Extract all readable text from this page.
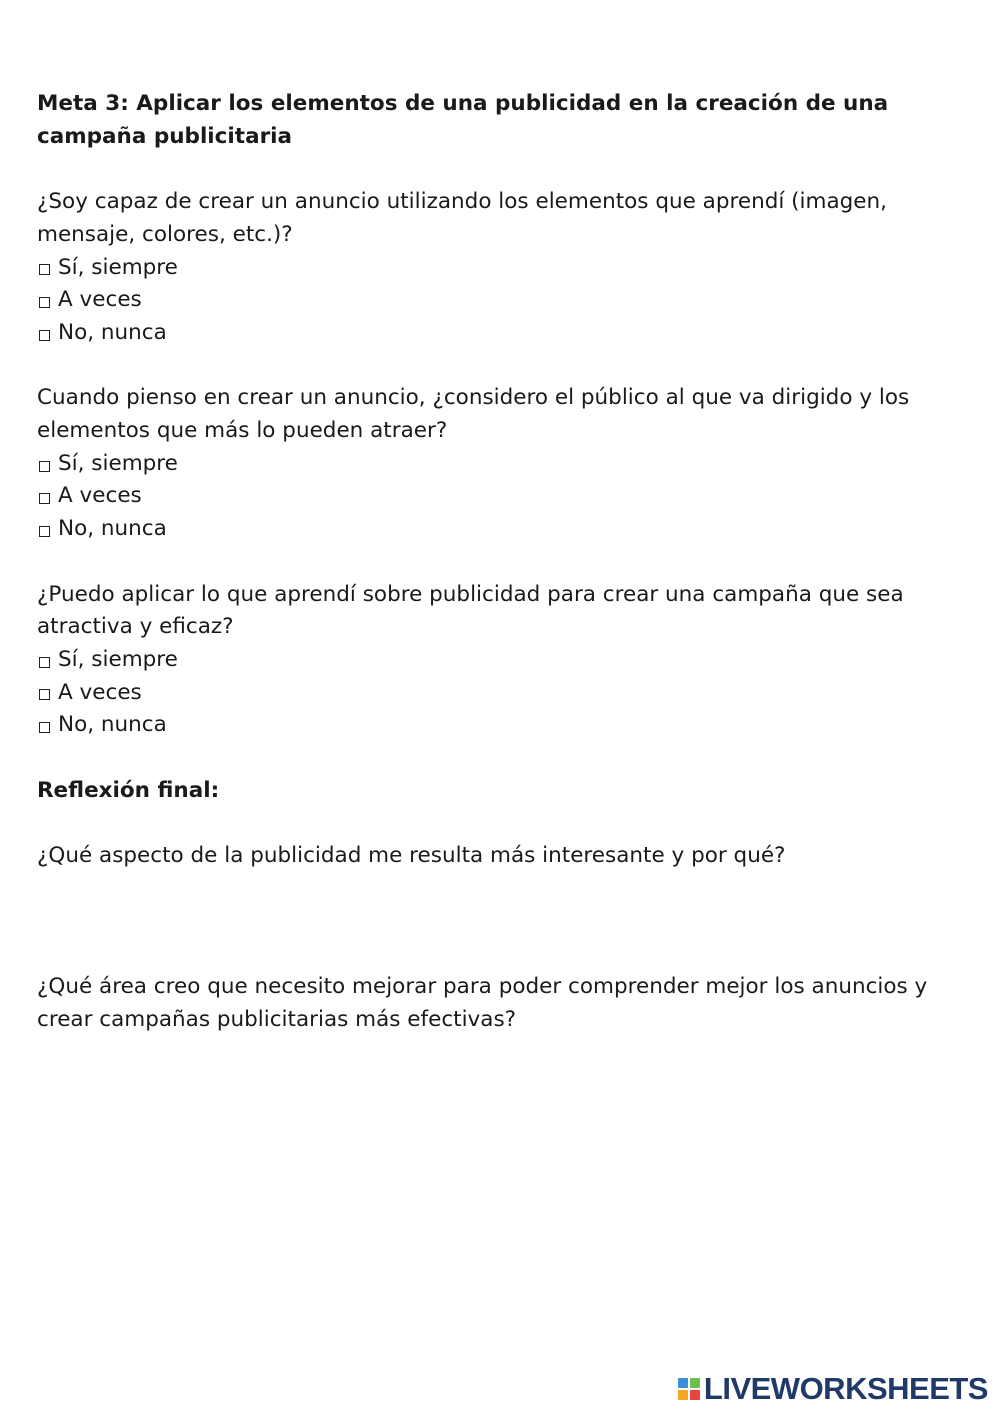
Meta 3: Aplicar los elementos de una publicidad en la creación de una campaña publicitaria

¿Soy capaz de crear un anuncio utilizando los elementos que aprendí (imagen, mensaje, colores, etc.)?

Sí, siempre

A veces

No, nunca

Cuando pienso en crear un anuncio, ¿considero el público al que va dirigido y los elementos que más lo pueden atraer?

Sí, siempre

A veces

No, nunca

¿Puedo aplicar lo que aprendí sobre publicidad para crear una campaña que sea atractiva y eficaz?

Sí, siempre

A veces

No, nunca

Reflexión final:

¿Qué aspecto de la publicidad me resulta más interesante y por qué?

¿Qué área creo que necesito mejorar para poder comprender mejor los anuncios y crear campañas publicitarias más efectivas?

LIVEWORKSHEETS
